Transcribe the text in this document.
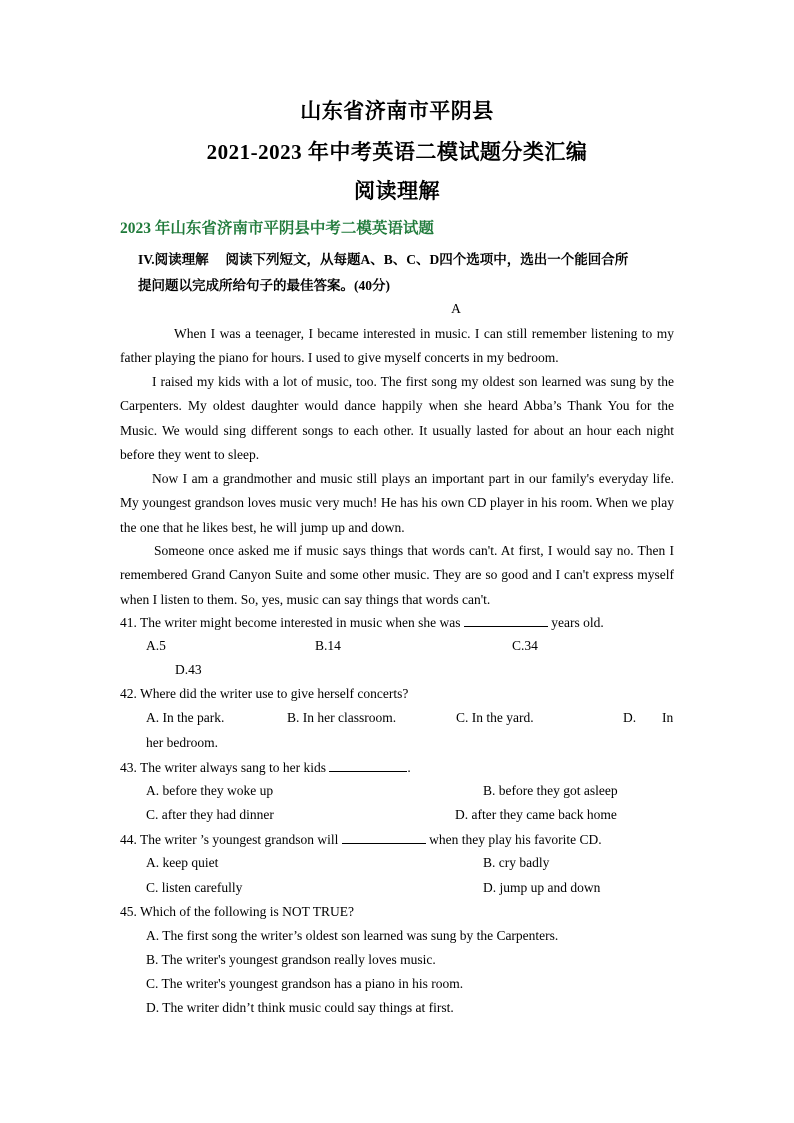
山东省济南市平阴县
2021-2023 年中考英语二模试题分类汇编
阅读理解
2023 年山东省济南市平阴县中考二模英语试题
IV.阅读理解　 阅读下列短文，从每题A、B、C、D四个选项中，选出一个能回合所
提问题以完成所给句子的最佳答案。(40分)
A
When I was a teenager, I became interested in music. I can still remember listening to my father playing the piano for hours. I used to give myself concerts in my bedroom.
I raised my kids with a lot of music, too. The first song my oldest son learned was sung by the Carpenters. My oldest daughter would dance happily when she heard Abba’s Thank You for the Music. We would sing different songs to each other. It usually lasted for about an hour each night before they went to sleep.
Now I am a grandmother and music still plays an important part in our family's everyday life. My youngest grandson loves music very much! He has his own CD player in his room. When we play the one that he likes best, he will jump up and down.
Someone once asked me if music says things that words can't. At first, I would say no. Then I remembered Grand Canyon Suite and some other music. They are so good and I can't express myself when I listen to them. So, yes, music can say things that words can't.
41. The writer might become interested in music when she was	years old.
A.5	B.14	C.34
D.43
42. Where did the writer use to give herself concerts?
A. In the park.	B. In her classroom.	C. In the yard.	D. In
her bedroom.
43. The writer always sang to her kids	.
A. before they woke up	B. before they got asleep
C. after they had dinner	D. after they came back home
44. The writer ’s youngest grandson will	when they play his favorite CD.
A. keep quiet	B. cry badly
C. listen carefully	D. jump up and down
45. Which of the following is NOT TRUE?
A. The first song the writer’s oldest son learned was sung by the Carpenters.
B. The writer's youngest grandson really loves music.
C. The writer's youngest grandson has a piano in his room.
D. The writer didn’t think music could say things at first.
